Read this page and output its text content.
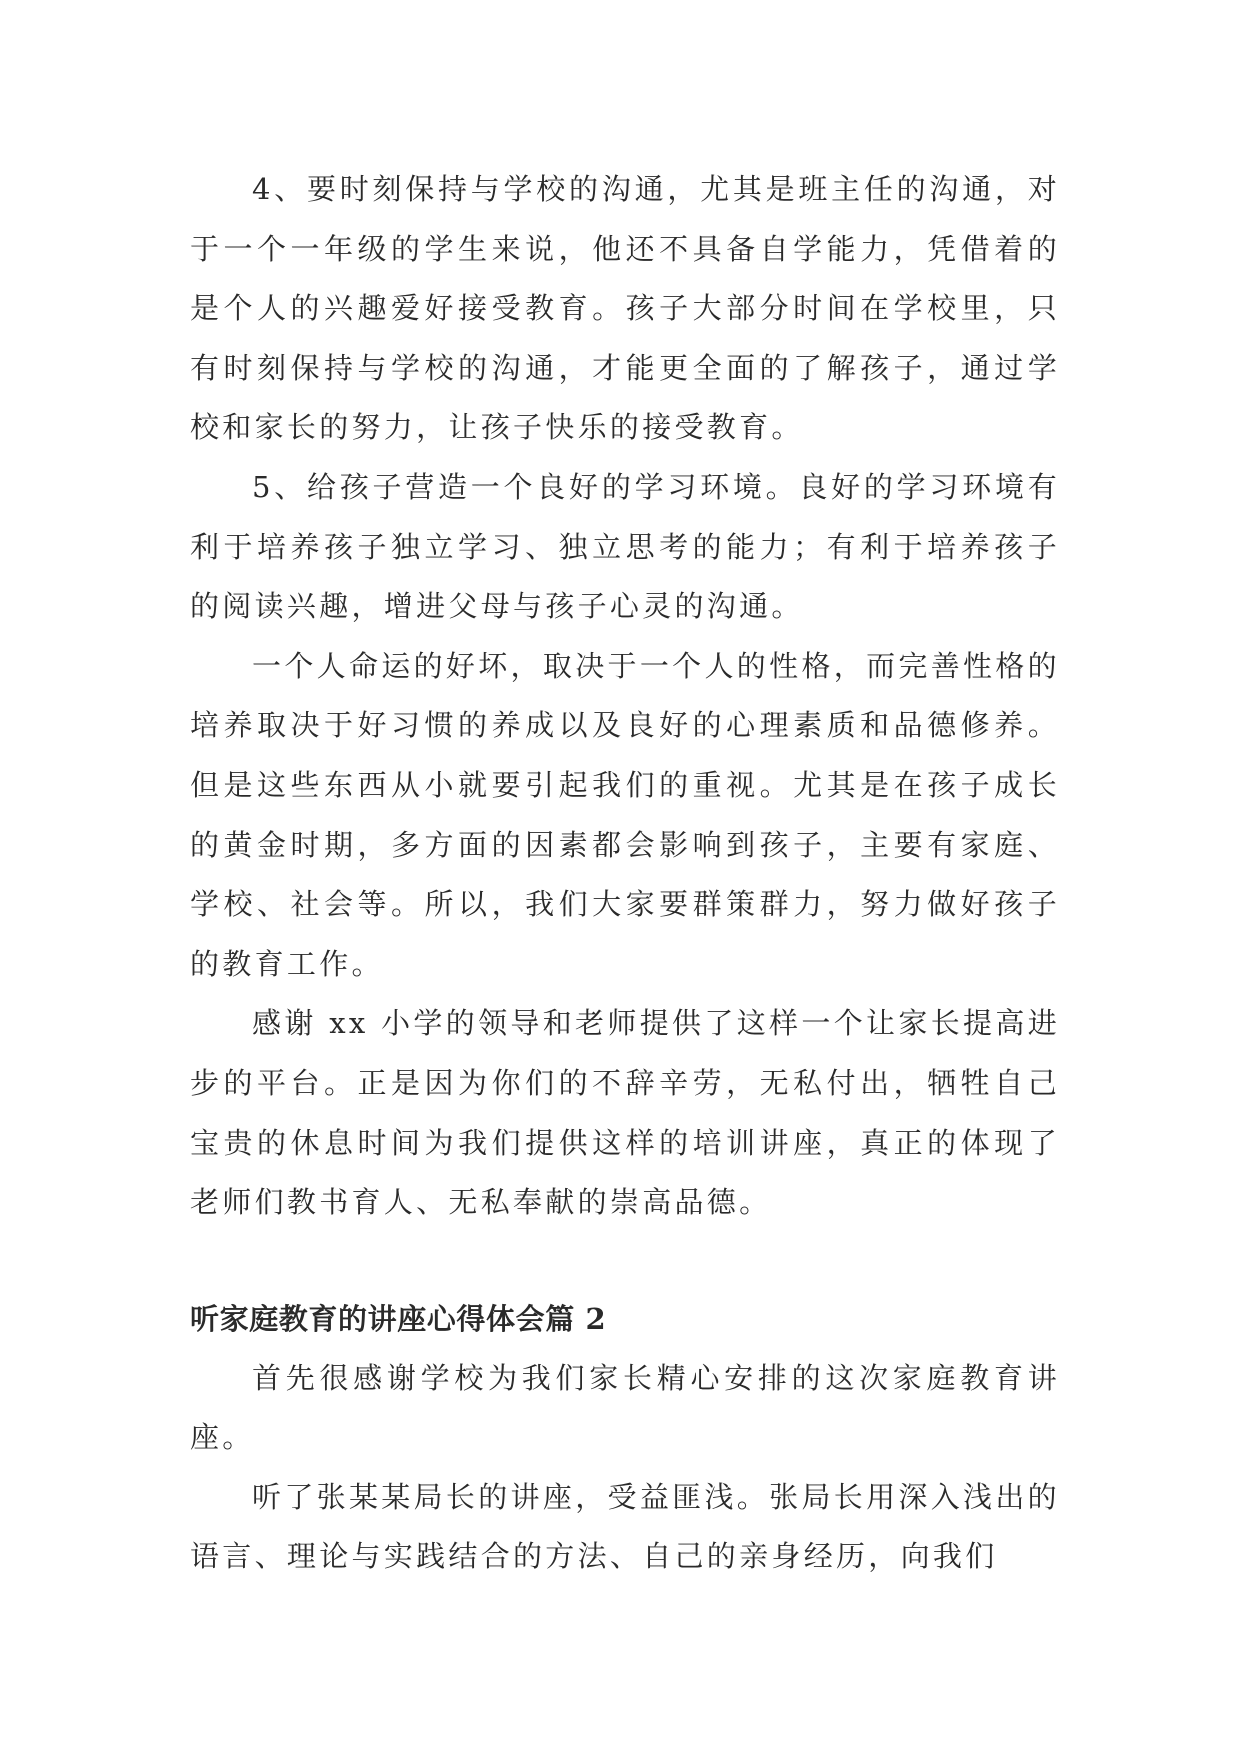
4、要时刻保持与学校的沟通，尤其是班主任的沟通，对于一个一年级的学生来说，他还不具备自学能力，凭借着的是个人的兴趣爱好接受教育。孩子大部分时间在学校里，只有时刻保持与学校的沟通，才能更全面的了解孩子，通过学校和家长的努力，让孩子快乐的接受教育。

5、给孩子营造一个良好的学习环境。良好的学习环境有利于培养孩子独立学习、独立思考的能力；有利于培养孩子的阅读兴趣，增进父母与孩子心灵的沟通。

一个人命运的好坏，取决于一个人的性格，而完善性格的培养取决于好习惯的养成以及良好的心理素质和品德修养。但是这些东西从小就要引起我们的重视。尤其是在孩子成长的黄金时期，多方面的因素都会影响到孩子，主要有家庭、学校、社会等。所以，我们大家要群策群力，努力做好孩子的教育工作。

感谢 xx 小学的领导和老师提供了这样一个让家长提高进步的平台。正是因为你们的不辞辛劳，无私付出，牺牲自己宝贵的休息时间为我们提供这样的培训讲座，真正的体现了老师们教书育人、无私奉献的崇高品德。

听家庭教育的讲座心得体会篇 2

首先很感谢学校为我们家长精心安排的这次家庭教育讲座。

听了张某某局长的讲座，受益匪浅。张局长用深入浅出的语言、理论与实践结合的方法、自己的亲身经历，向我们
